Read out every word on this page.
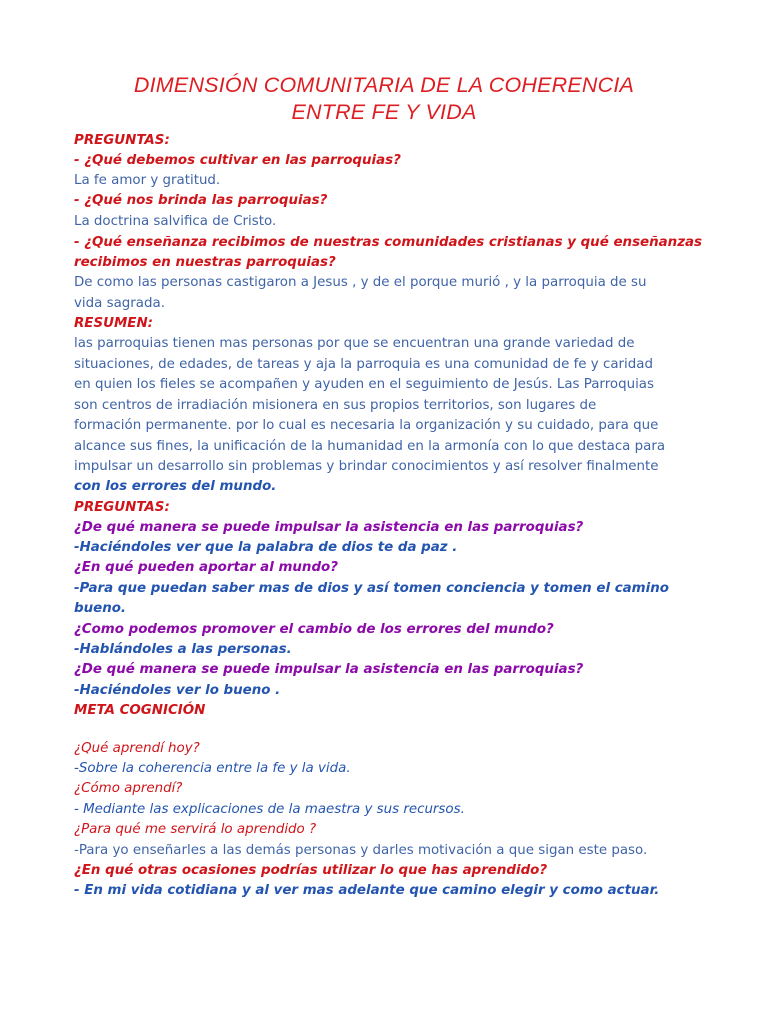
DIMENSIÓN COMUNITARIA DE LA COHERENCIA
ENTRE FE Y VIDA

PREGUNTAS:

- ¿Qué debemos cultivar en las parroquias?

La fe amor y gratitud.

- ¿Qué nos brinda las parroquias?

La doctrina salvifica de Cristo.

- ¿Qué enseñanza recibimos de nuestras comunidades cristianas y qué enseñanzas

recibimos en nuestras parroquias?

De como las personas castigaron a Jesus , y de el porque murió , y la parroquia de su

vida sagrada.

RESUMEN:

las parroquias tienen mas personas por que se encuentran una grande variedad de

situaciones, de edades, de tareas y aja la parroquia es una comunidad de fe y caridad

en quien los fieles se acompañen y ayuden en el seguimiento de Jesús. Las Parroquias

son centros de irradiación misionera en sus propios territorios, son lugares de

formación permanente. por lo cual es necesaria la organización y su cuidado, para que

alcance sus fines, la unificación de la humanidad en la armonía con lo que destaca para

impulsar un desarrollo sin problemas y brindar conocimientos y así resolver finalmente

con los errores del mundo.

PREGUNTAS:

¿De qué manera se puede impulsar la asistencia en las parroquias?

-Haciéndoles ver que la palabra de dios te da paz .

¿En qué pueden aportar al mundo?

-Para que puedan saber mas de dios y así tomen conciencia y tomen el camino

bueno.

¿Como podemos promover el cambio de los errores del mundo?

-Hablándoles a las personas.

¿De qué manera se puede impulsar la asistencia en las parroquias?

-Haciéndoles ver lo bueno .

META COGNICIÓN

¿Qué aprendí hoy?

-Sobre la coherencia entre la fe y la vida.

¿Cómo aprendí?

- Mediante las explicaciones de la maestra y sus recursos.

¿Para qué me servirá lo aprendido ?

-Para yo enseñarles a las demás personas y darles motivación a que sigan este paso.

¿En qué otras ocasiones podrías utilizar lo que has aprendido?

- En mi vida cotidiana y al ver mas adelante que camino elegir y como actuar.
